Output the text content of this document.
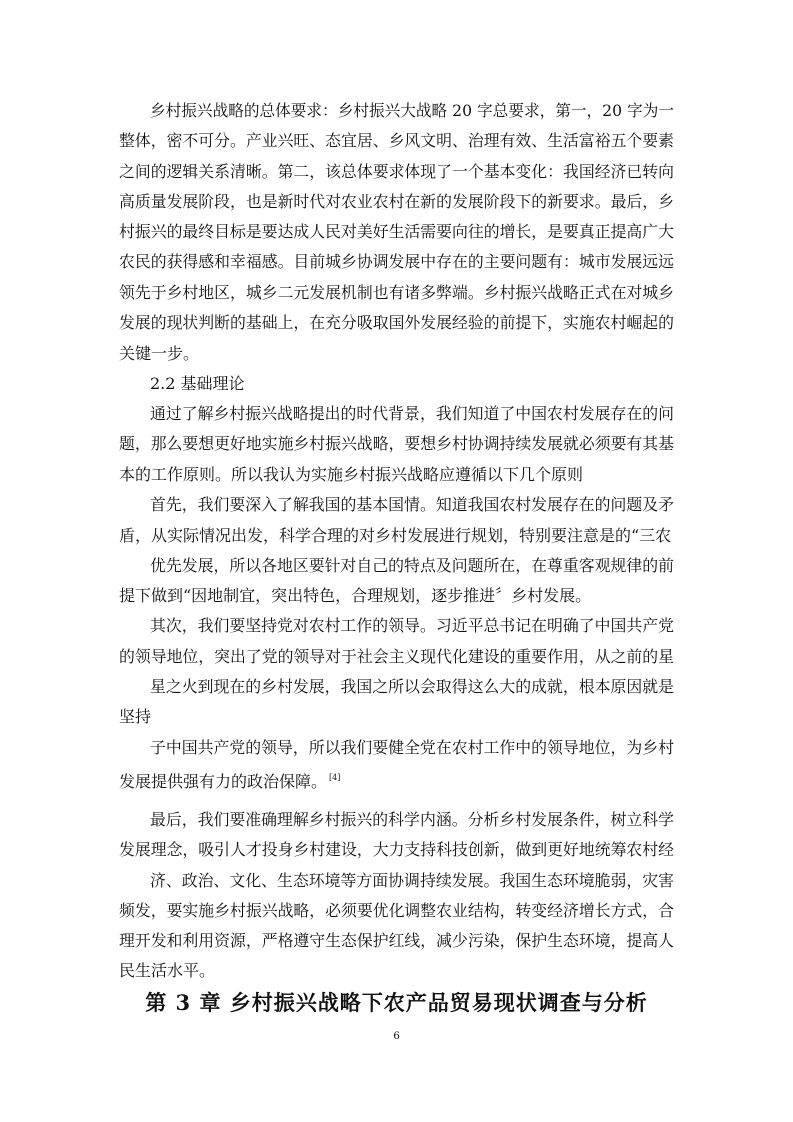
乡村振兴战略的总体要求：乡村振兴大战略 20 字总要求，第一，20 字为一
整体，密不可分。产业兴旺、态宜居、乡风文明、治理有效、生活富裕五个要素
之间的逻辑关系清晰。第二，该总体要求体现了一个基本变化：我国经济已转向
高质量发展阶段，也是新时代对农业农村在新的发展阶段下的新要求。最后，乡
村振兴的最终目标是要达成人民对美好生活需要向往的增长，是要真正提高广大
农民的获得感和幸福感。目前城乡协调发展中存在的主要问题有：城市发展远远
领先于乡村地区，城乡二元发展机制也有诸多弊端。乡村振兴战略正式在对城乡
发展的现状判断的基础上，在充分吸取国外发展经验的前提下，实施农村崛起的
关键一步。
2.2 基础理论
通过了解乡村振兴战略提出的时代背景，我们知道了中国农村发展存在的问
题，那么要想更好地实施乡村振兴战略，要想乡村协调持续发展就必须要有其基
本的工作原则。所以我认为实施乡村振兴战略应遵循以下几个原则
首先，我们要深入了解我国的基本国情。知道我国农村发展存在的问题及矛
盾，从实际情况出发，科学合理的对乡村发展进行规划，特别要注意是的“三农
优先发展，所以各地区要针对自己的特点及问题所在，在尊重客观规律的前
提下做到“因地制宜，突出特色，合理规划，逐步推进〞乡村发展。
其次，我们要坚持党对农村工作的领导。习近平总书记在明确了中国共产党
的领导地位，突出了党的领导对于社会主义现代化建设的重要作用，从之前的星
星之火到现在的乡村发展，我国之所以会取得这么大的成就，根本原因就是
坚持
子中国共产党的领导，所以我们要健全党在农村工作中的领导地位，为乡村
发展提供强有力的政治保障。 [4]
最后，我们要准确理解乡村振兴的科学内涵。分析乡村发展条件，树立科学
发展理念，吸引人才投身乡村建设，大力支持科技创新，做到更好地统筹农村经
济、政治、文化、生态环境等方面协调持续发展。我国生态环境脆弱，灾害
频发，要实施乡村振兴战略，必须要优化调整农业结构，转变经济增长方式，合
理开发和利用资源，严格遵守生态保护红线，减少污染，保护生态环境，提高人
民生活水平。
第 3 章 乡村振兴战略下农产品贸易现状调查与分析
6
